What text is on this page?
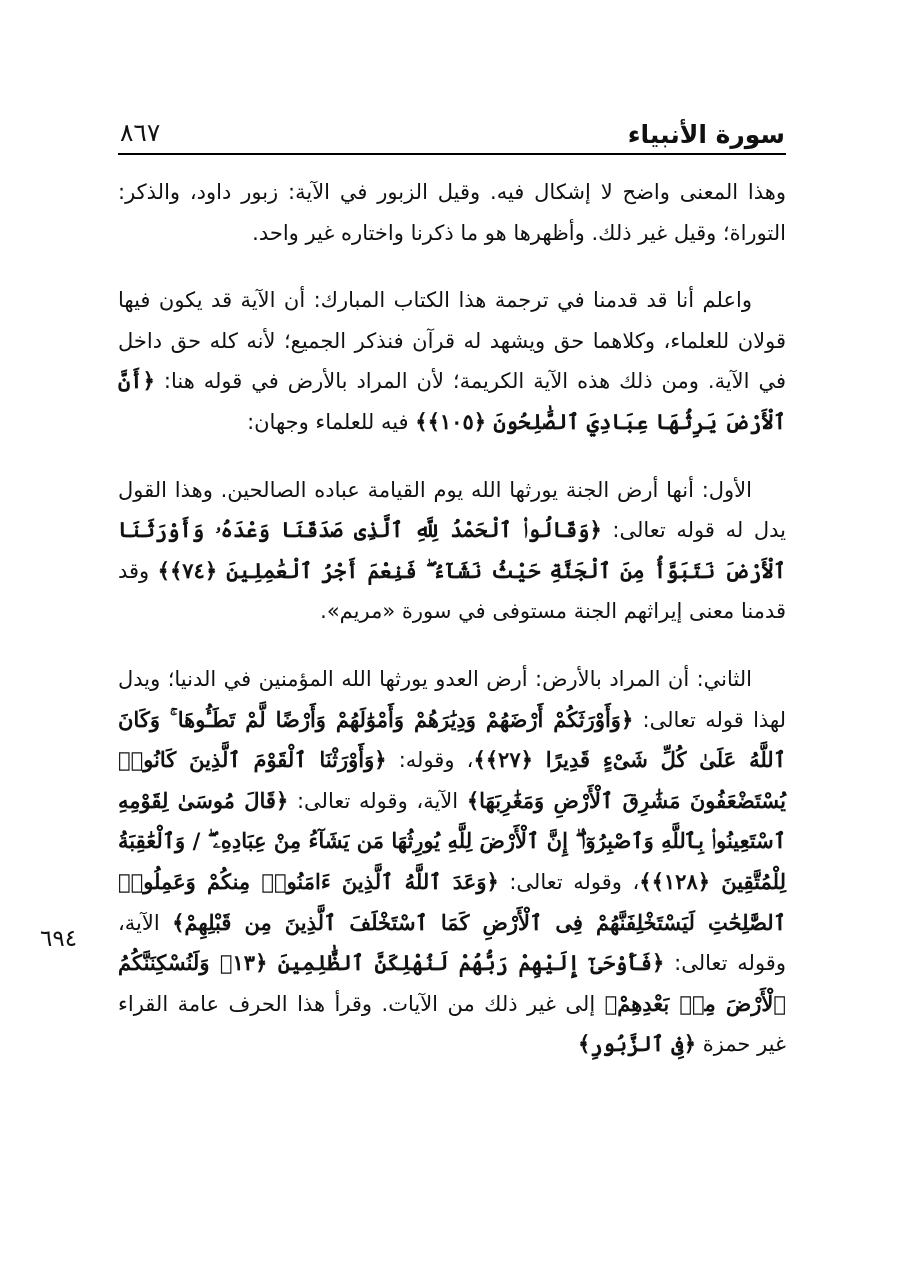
سورة الأنبياء
٨٦٧

وهذا المعنى واضح لا إشكال فيه. وقيل الزبور في الآية: زبور داود، والذكر: التوراة؛ وقيل غير ذلك. وأظهرها هو ما ذكرنا واختاره غير واحد.

واعلم أنا قد قدمنا في ترجمة هذا الكتاب المبارك: أن الآية قد يكون فيها قولان للعلماء، وكلاهما حق ويشهد له قرآن فنذكر الجميع؛ لأنه كله حق داخل في الآية. ومن ذلك هذه الآية الكريمة؛ لأن المراد بالأرض في قوله هنا: ﴿أَنَّ ٱلْأَرْضَ يَرِثُهَا عِبَادِيَ ٱلصَّٰلِحُونَ ﴿١٠٥﴾﴾ فيه للعلماء وجهان:

الأول: أنها أرض الجنة يورثها الله يوم القيامة عباده الصالحين. وهذا القول يدل له قوله تعالى: ﴿وَقَالُوا۟ ٱلْحَمْدُ لِلَّهِ ٱلَّذِى صَدَقَنَا وَعْدَهُۥ وَأَوْرَثَنَا ٱلْأَرْضَ نَتَبَوَّأُ مِنَ ٱلْجَنَّةِ حَيْثُ نَشَآءُ ۖ فَنِعْمَ أَجْرُ ٱلْعَٰمِلِينَ ﴿٧٤﴾﴾ وقد قدمنا معنى إيراثهم الجنة مستوفى في سورة «مريم».

الثاني: أن المراد بالأرض: أرض العدو يورثها الله المؤمنين في الدنيا؛ ويدل لهذا قوله تعالى: ﴿وَأَوْرَثَكُمْ أَرْضَهُمْ وَدِيَٰرَهُمْ وَأَمْوَٰلَهُمْ وَأَرْضًا لَّمْ تَطَـُٔوهَا ۚ وَكَانَ ٱللَّهُ عَلَىٰ كُلِّ شَىْءٍ قَدِيرًا ﴿٢٧﴾﴾، وقوله: ﴿وَأَوْرَثْنَا ٱلْقَوْمَ ٱلَّذِينَ كَانُوا۟ يُسْتَضْعَفُونَ مَشَٰرِقَ ٱلْأَرْضِ وَمَغَٰرِبَهَا﴾ الآية، وقوله تعالى: ﴿قَالَ مُوسَىٰ لِقَوْمِهِ ٱسْتَعِينُوا۟ بِٱللَّهِ وَٱصْبِرُوٓا۟ ۖ إِنَّ ٱلْأَرْضَ لِلَّهِ يُورِثُهَا مَن يَشَآءُ مِنْ عِبَادِهِۦ ۖ / وَٱلْعَٰقِبَةُ لِلْمُتَّقِينَ ﴿١٢٨﴾﴾، وقوله تعالى: ﴿وَعَدَ ٱللَّهُ ٱلَّذِينَ ءَامَنُوا۟ مِنكُمْ وَعَمِلُوا۟ ٱلصَّٰلِحَٰتِ لَيَسْتَخْلِفَنَّهُمْ فِى ٱلْأَرْضِ كَمَا ٱسْتَخْلَفَ ٱلَّذِينَ مِن قَبْلِهِمْ﴾ الآية، وقوله تعالى: ﴿فَأَوْحَىٰٓ إِلَيْهِمْ رَبُّهُمْ لَنُهْلِكَنَّ ٱلظَّٰلِمِينَ ﴿١٣﴾ وَلَنُسْكِنَنَّكُمُ ٱلْأَرْضَ مِنۢ بَعْدِهِمْ﴾ إلى غير ذلك من الآيات. وقرأ هذا الحرف عامة القراء غير حمزة ﴿فِى ٱلزَّبُورِ﴾

٦٩٤
